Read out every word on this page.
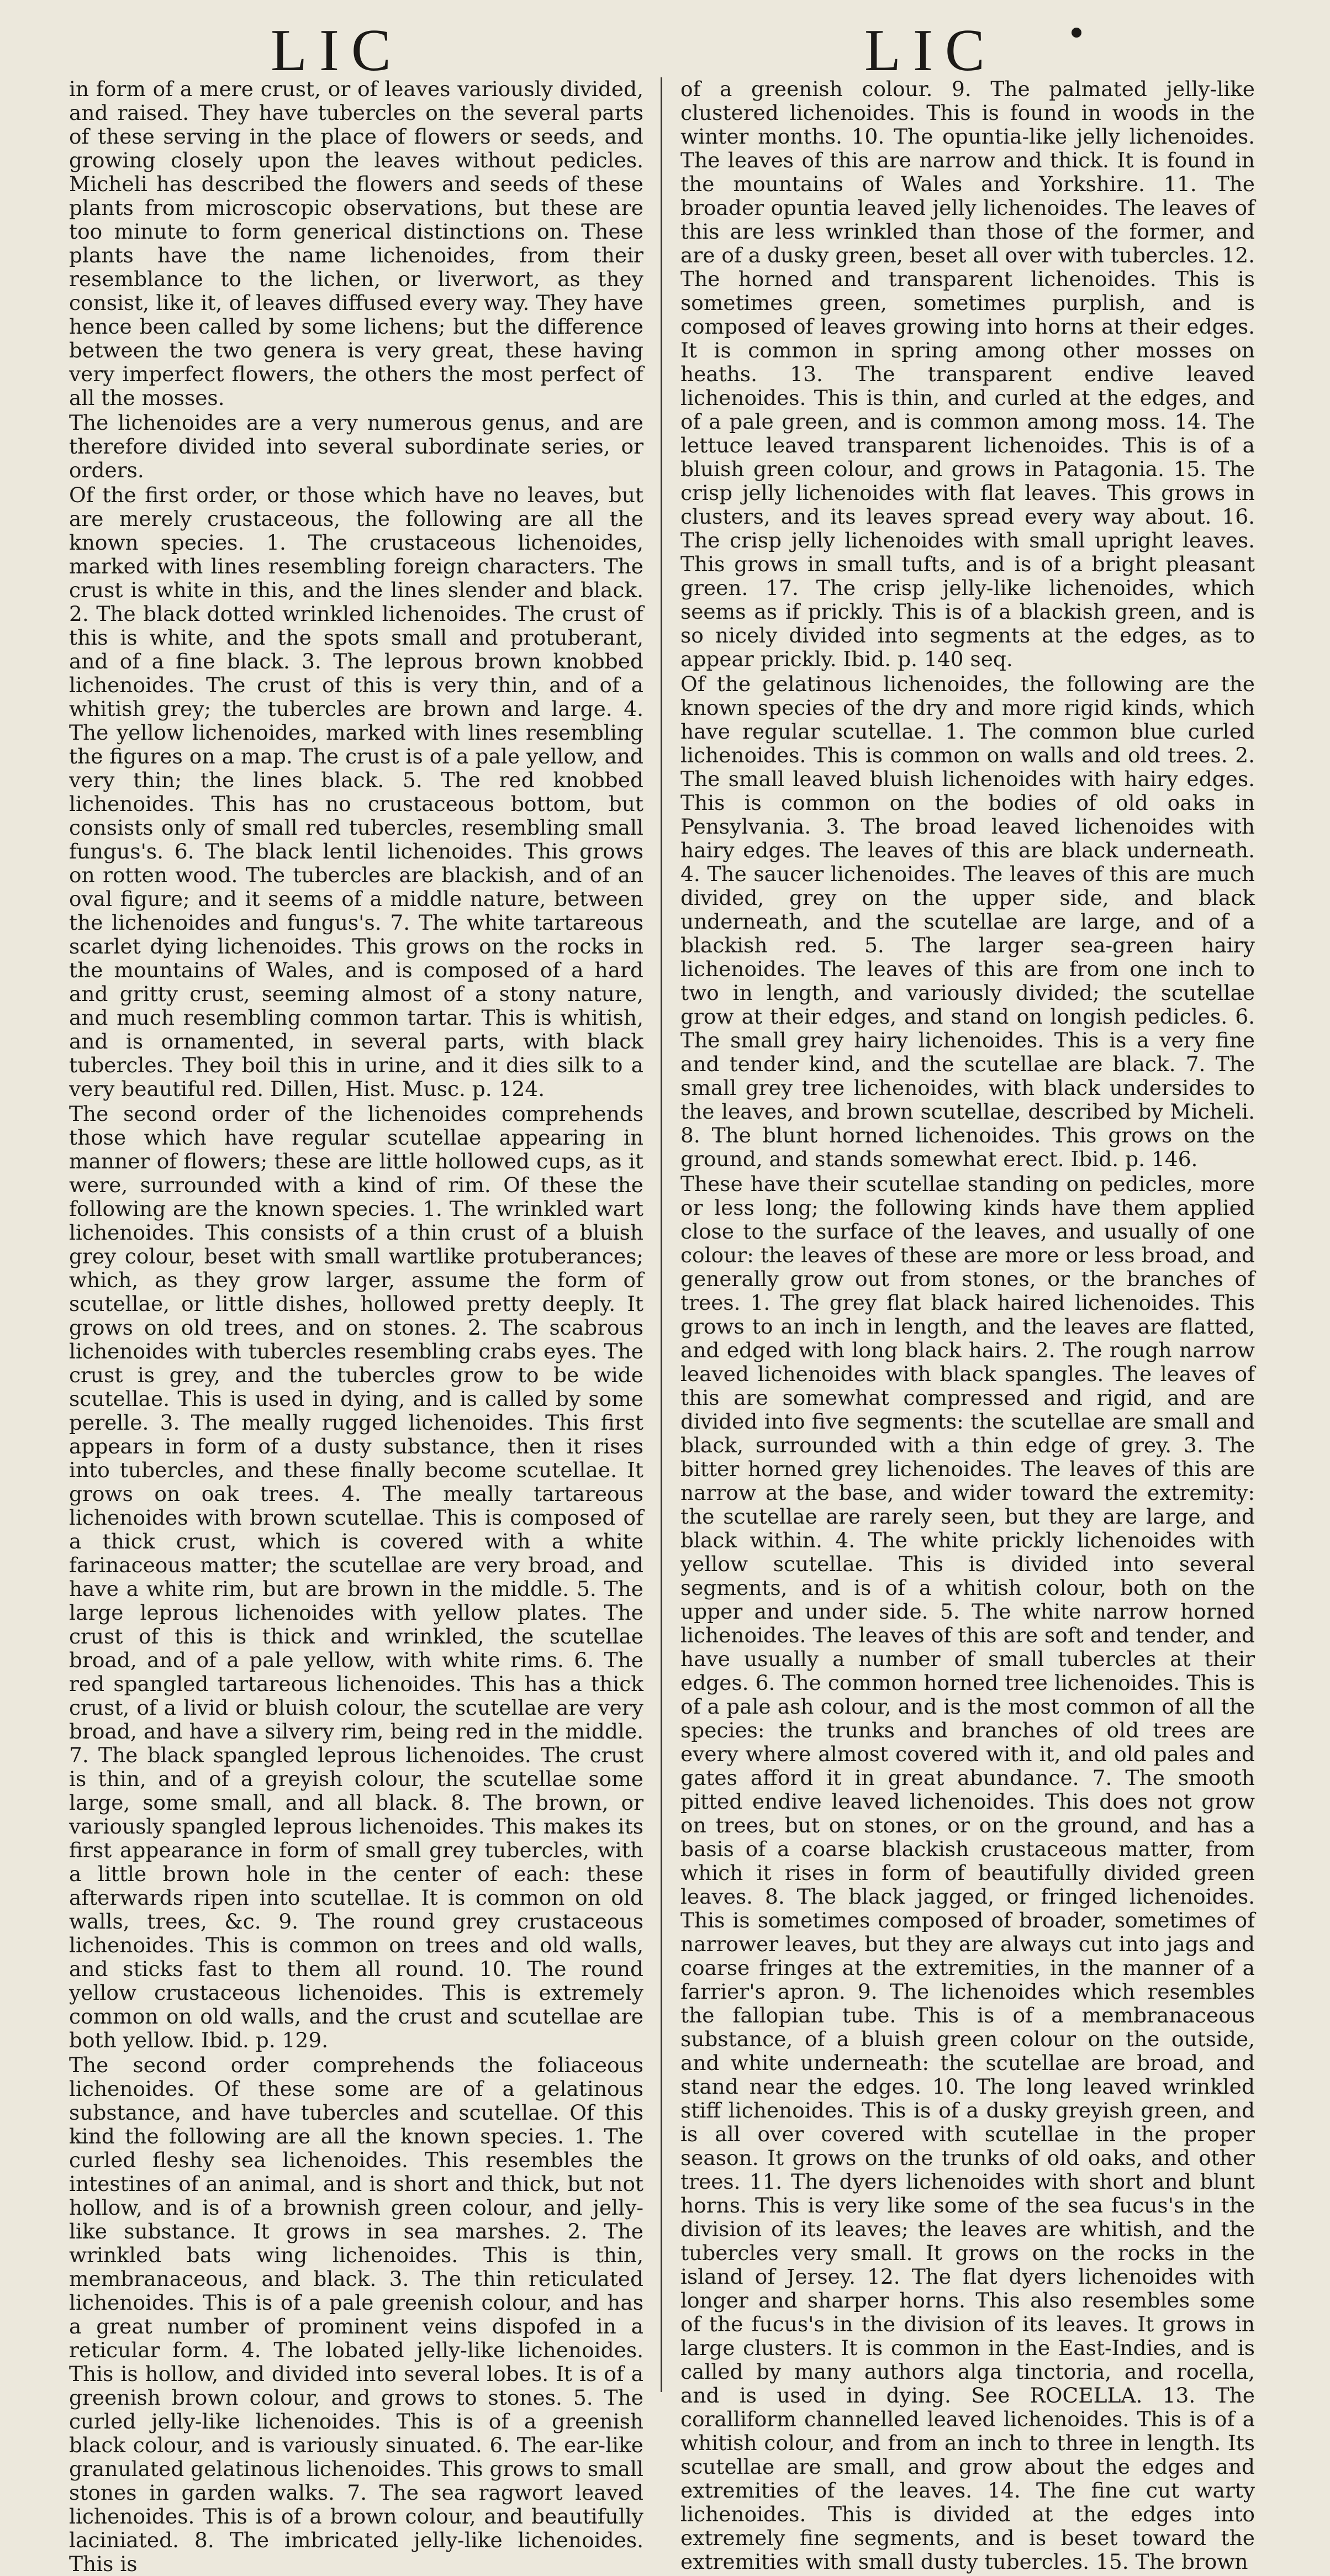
LIC	LIC

in form of a mere crust, or of leaves variously divided, and raised. They have tubercles on the several parts of these serving in the place of flowers or seeds, and growing closely upon the leaves without pedicles. Micheli has described the flowers and seeds of these plants from microscopic observations, but these are too minute to form generical distinctions on. These plants have the name lichenoides, from their resemblance to the lichen, or liverwort, as they consist, like it, of leaves diffused every way. They have hence been called by some lichens; but the difference between the two genera is very great, these having very imperfect flowers, the others the most perfect of all the mosses.

The lichenoides are a very numerous genus, and are therefore divided into several subordinate series, or orders.

Of the first order, or those which have no leaves, but are merely crustaceous, the following are all the known species. 1. The crustaceous lichenoides, marked with lines resembling foreign characters. The crust is white in this, and the lines slender and black. 2. The black dotted wrinkled lichenoides. The crust of this is white, and the spots small and protuberant, and of a fine black. 3. The leprous brown knobbed lichenoides. The crust of this is very thin, and of a whitish grey; the tubercles are brown and large. 4. The yellow lichenoides, marked with lines resembling the figures on a map. The crust is of a pale yellow, and very thin; the lines black. 5. The red knobbed lichenoides. This has no crustaceous bottom, but consists only of small red tubercles, resembling small fungus's. 6. The black lentil lichenoides. This grows on rotten wood. The tubercles are blackish, and of an oval figure; and it seems of a middle nature, between the lichenoides and fungus's. 7. The white tartareous scarlet dying lichenoides. This grows on the rocks in the mountains of Wales, and is composed of a hard and gritty crust, seeming almost of a stony nature, and much resembling common tartar. This is whitish, and is ornamented, in several parts, with black tubercles. They boil this in urine, and it dies silk to a very beautiful red. Dillen, Hist. Musc. p. 124.

The second order of the lichenoides comprehends those which have regular scutellae appearing in manner of flowers; these are little hollowed cups, as it were, surrounded with a kind of rim. Of these the following are the known species. 1. The wrinkled wart lichenoides. This consists of a thin crust of a bluish grey colour, beset with small wartlike protuberances; which, as they grow larger, assume the form of scutellae, or little dishes, hollowed pretty deeply. It grows on old trees, and on stones. 2. The scabrous lichenoides with tubercles resembling crabs eyes. The crust is grey, and the tubercles grow to be wide scutellae. This is used in dying, and is called by some perelle. 3. The meally rugged lichenoides. This first appears in form of a dusty substance, then it rises into tubercles, and these finally become scutellae. It grows on oak trees. 4. The meally tartareous lichenoides with brown scutellae. This is composed of a thick crust, which is covered with a white farinaceous matter; the scutellae are very broad, and have a white rim, but are brown in the middle. 5. The large leprous lichenoides with yellow plates. The crust of this is thick and wrinkled, the scutellae broad, and of a pale yellow, with white rims. 6. The red spangled tartareous lichenoides. This has a thick crust, of a livid or bluish colour, the scutellae are very broad, and have a silvery rim, being red in the middle. 7. The black spangled leprous lichenoides. The crust is thin, and of a greyish colour, the scutellae some large, some small, and all black. 8. The brown, or variously spangled leprous lichenoides. This makes its first appearance in form of small grey tubercles, with a little brown hole in the center of each: these afterwards ripen into scutellae. It is common on old walls, trees, &c. 9. The round grey crustaceous lichenoides. This is common on trees and old walls, and sticks fast to them all round. 10. The round yellow crustaceous lichenoides. This is extremely common on old walls, and the crust and scutellae are both yellow. Ibid. p. 129.

The second order comprehends the foliaceous lichenoides. Of these some are of a gelatinous substance, and have tubercles and scutellae. Of this kind the following are all the known species. 1. The curled fleshy sea lichenoides. This resembles the intestines of an animal, and is short and thick, but not hollow, and is of a brownish green colour, and jelly-like substance. It grows in sea marshes. 2. The wrinkled bats wing lichenoides. This is thin, membranaceous, and black. 3. The thin reticulated lichenoides. This is of a pale greenish colour, and has a great number of prominent veins dispofed in a reticular form. 4. The lobated jelly-like lichenoides. This is hollow, and divided into several lobes. It is of a greenish brown colour, and grows to stones. 5. The curled jelly-like lichenoides. This is of a greenish black colour, and is variously sinuated. 6. The ear-like granulated gelatinous lichenoides. This grows to small stones in garden walks. 7. The sea ragwort leaved lichenoides. This is of a brown colour, and beautifully laciniated. 8. The imbricated jelly-like lichenoides. This is

of a greenish colour. 9. The palmated jelly-like clustered lichenoides. This is found in woods in the winter months. 10. The opuntia-like jelly lichenoides. The leaves of this are narrow and thick. It is found in the mountains of Wales and Yorkshire. 11. The broader opuntia leaved jelly lichenoides. The leaves of this are less wrinkled than those of the former, and are of a dusky green, beset all over with tubercles. 12. The horned and transparent lichenoides. This is sometimes green, sometimes purplish, and is composed of leaves growing into horns at their edges. It is common in spring among other mosses on heaths. 13. The transparent endive leaved lichenoides. This is thin, and curled at the edges, and of a pale green, and is common among moss. 14. The lettuce leaved transparent lichenoides. This is of a bluish green colour, and grows in Patagonia. 15. The crisp jelly lichenoides with flat leaves. This grows in clusters, and its leaves spread every way about. 16. The crisp jelly lichenoides with small upright leaves. This grows in small tufts, and is of a bright pleasant green. 17. The crisp jelly-like lichenoides, which seems as if prickly. This is of a blackish green, and is so nicely divided into segments at the edges, as to appear prickly. Ibid. p. 140 seq.

Of the gelatinous lichenoides, the following are the known species of the dry and more rigid kinds, which have regular scutellae. 1. The common blue curled lichenoides. This is common on walls and old trees. 2. The small leaved bluish lichenoides with hairy edges. This is common on the bodies of old oaks in Pensylvania. 3. The broad leaved lichenoides with hairy edges. The leaves of this are black underneath. 4. The saucer lichenoides. The leaves of this are much divided, grey on the upper side, and black underneath, and the scutellae are large, and of a blackish red. 5. The larger sea-green hairy lichenoides. The leaves of this are from one inch to two in length, and variously divided; the scutellae grow at their edges, and stand on longish pedicles. 6. The small grey hairy lichenoides. This is a very fine and tender kind, and the scutellae are black. 7. The small grey tree lichenoides, with black undersides to the leaves, and brown scutellae, described by Micheli. 8. The blunt horned lichenoides. This grows on the ground, and stands somewhat erect. Ibid. p. 146.

These have their scutellae standing on pedicles, more or less long; the following kinds have them applied close to the surface of the leaves, and usually of one colour: the leaves of these are more or less broad, and generally grow out from stones, or the branches of trees. 1. The grey flat black haired lichenoides. This grows to an inch in length, and the leaves are flatted, and edged with long black hairs. 2. The rough narrow leaved lichenoides with black spangles. The leaves of this are somewhat compressed and rigid, and are divided into five segments: the scutellae are small and black, surrounded with a thin edge of grey. 3. The bitter horned grey lichenoides. The leaves of this are narrow at the base, and wider toward the extremity: the scutellae are rarely seen, but they are large, and black within. 4. The white prickly lichenoides with yellow scutellae. This is divided into several segments, and is of a whitish colour, both on the upper and under side. 5. The white narrow horned lichenoides. The leaves of this are soft and tender, and have usually a number of small tubercles at their edges. 6. The common horned tree lichenoides. This is of a pale ash colour, and is the most common of all the species: the trunks and branches of old trees are every where almost covered with it, and old pales and gates afford it in great abundance. 7. The smooth pitted endive leaved lichenoides. This does not grow on trees, but on stones, or on the ground, and has a basis of a coarse blackish crustaceous matter, from which it rises in form of beautifully divided green leaves. 8. The black jagged, or fringed lichenoides. This is sometimes composed of broader, sometimes of narrower leaves, but they are always cut into jags and coarse fringes at the extremities, in the manner of a farrier's apron. 9. The lichenoides which resembles the fallopian tube. This is of a membranaceous substance, of a bluish green colour on the outside, and white underneath: the scutellae are broad, and stand near the edges. 10. The long leaved wrinkled stiff lichenoides. This is of a dusky greyish green, and is all over covered with scutellae in the proper season. It grows on the trunks of old oaks, and other trees. 11. The dyers lichenoides with short and blunt horns. This is very like some of the sea fucus's in the division of its leaves; the leaves are whitish, and the tubercles very small. It grows on the rocks in the island of Jersey. 12. The flat dyers lichenoides with longer and sharper horns. This also resembles some of the fucus's in the division of its leaves. It grows in large clusters. It is common in the East-Indies, and is called by many authors alga tinctoria, and rocella, and is used in dying. See ROCELLA. 13. The coralliform channelled leaved lichenoides. This is of a whitish colour, and from an inch to three in length. Its scutellae are small, and grow about the edges and extremities of the leaves. 14. The fine cut warty lichenoides. This is divided at the edges into extremely fine segments, and is beset toward the extremities with small dusty tubercles. 15. The brown
